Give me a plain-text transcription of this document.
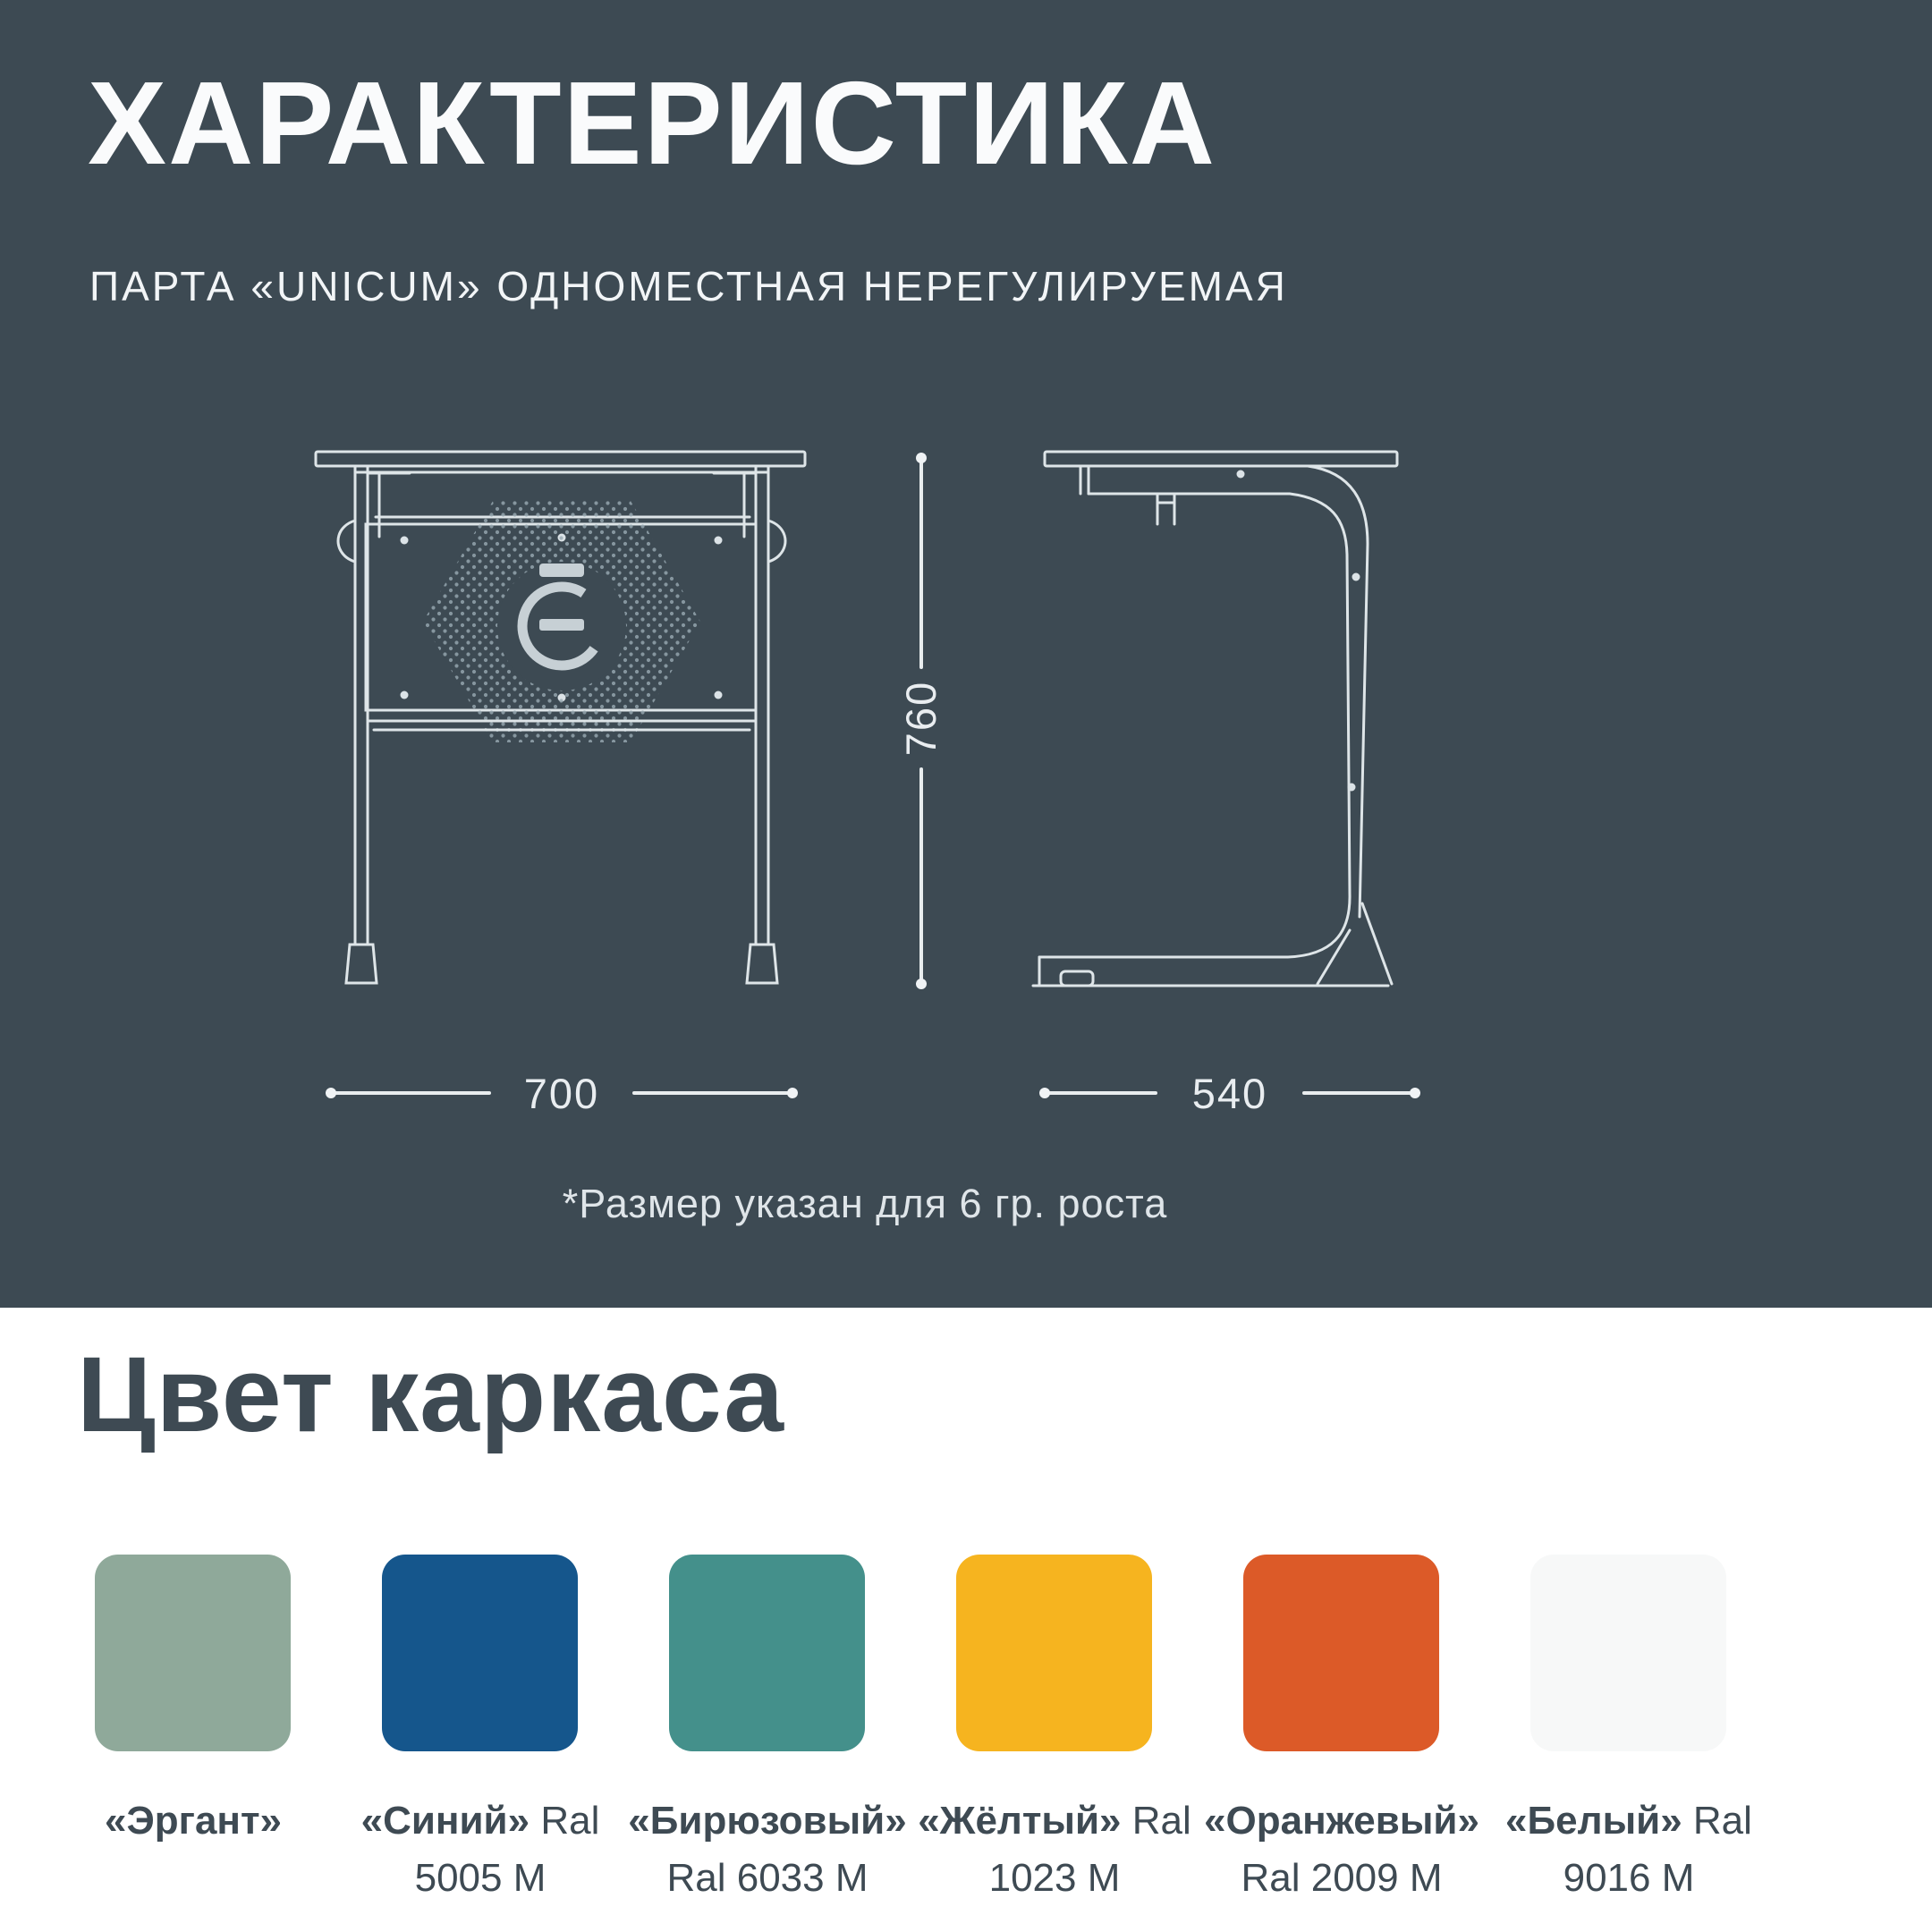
ХАРАКТЕРИСТИКА
ПАРТА «UNICUM» ОДНОМЕСТНАЯ НЕРЕГУЛИРУЕМАЯ
700
760
540
*Размер указан для 6 гр. роста
Цвет каркаса
«Эргант»	«Синий» Ral 5005 M
«Бирюзовый» Ral 6033 M
«Жёлтый» Ral 1023 M
«Оранжевый» Ral 2009 M
«Белый» Ral 9016 M
